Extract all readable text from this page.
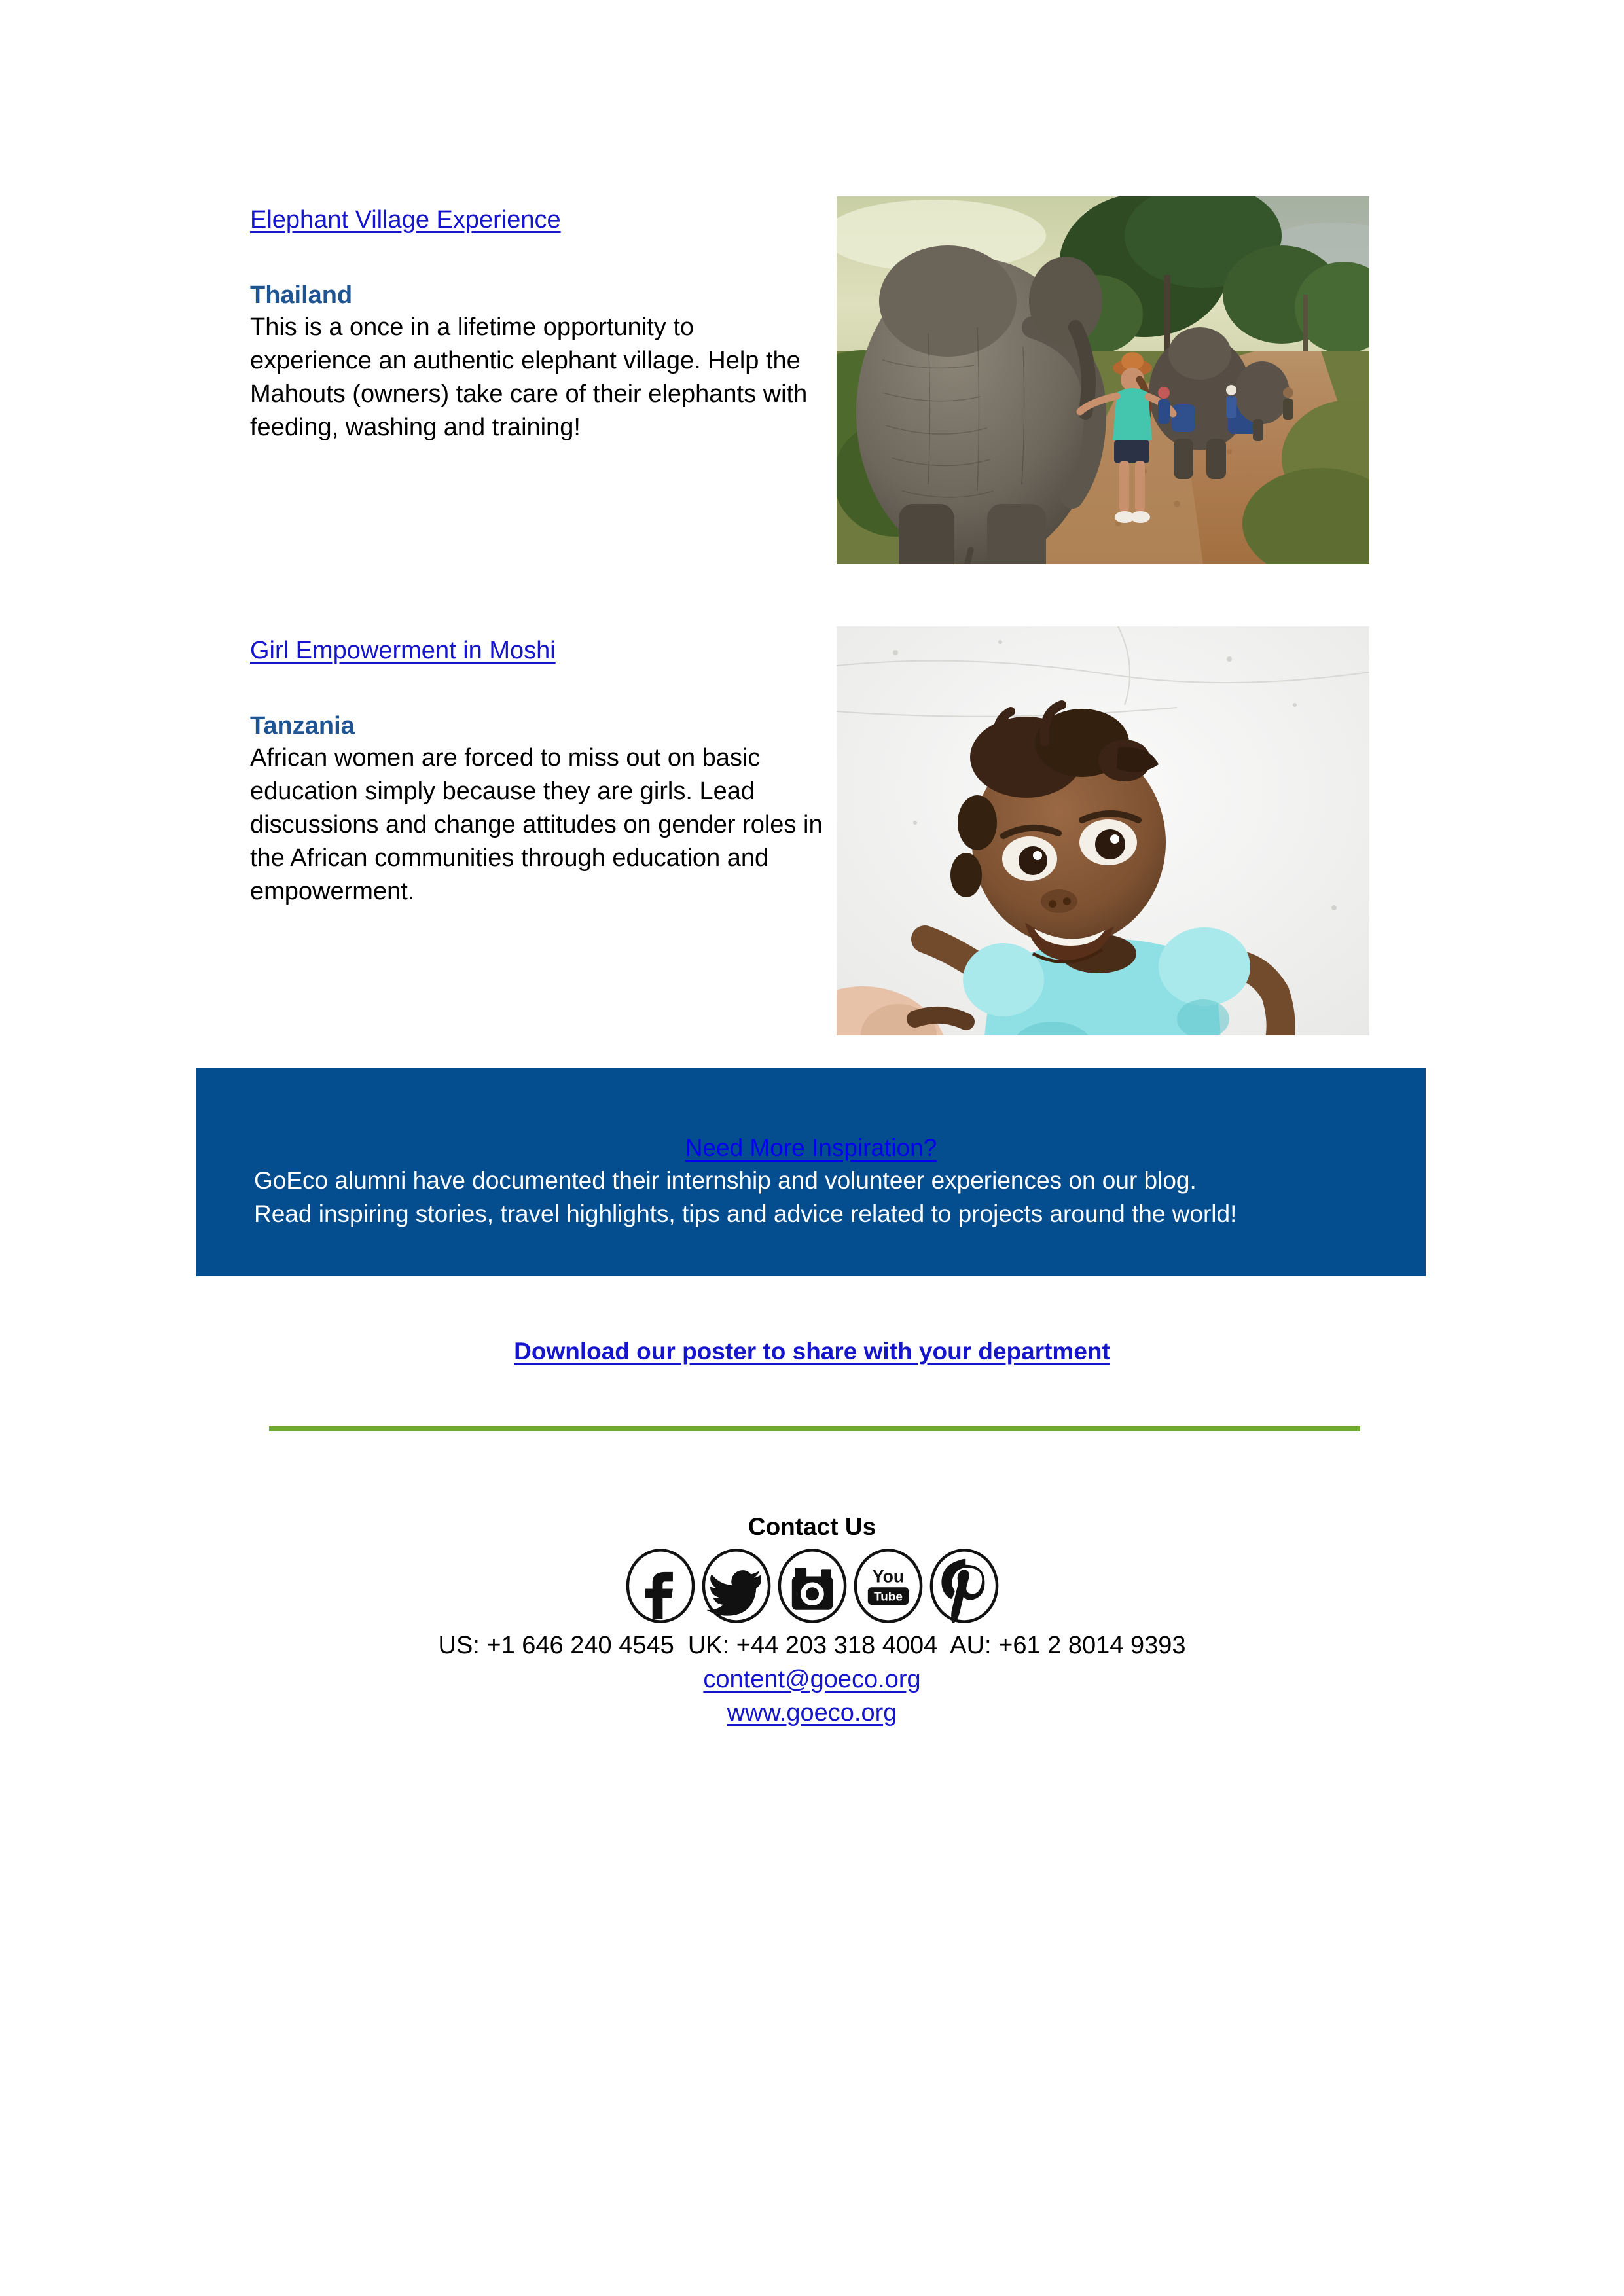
Elephant Village Experience
Thailand
This is a once in a lifetime opportunity to experience an authentic elephant village. Help the Mahouts (owners) take care of their elephants with feeding, washing and training!
Girl Empowerment in Moshi
Tanzania
African women are forced to miss out on basic education simply because they are girls. Lead discussions and change attitudes on gender roles in the African communities through education and empowerment.
Need More Inspiration?
GoEco alumni have documented their internship and volunteer experiences on our blog.
Read inspiring stories, travel highlights, tips and advice related to projects around the world!
Download our poster to share with your department
Contact Us
You
Tube
US: +1 646 240 4545  UK: +44 203 318 4004  AU: +61 2 8014 9393
content@goeco.org
www.goeco.org
